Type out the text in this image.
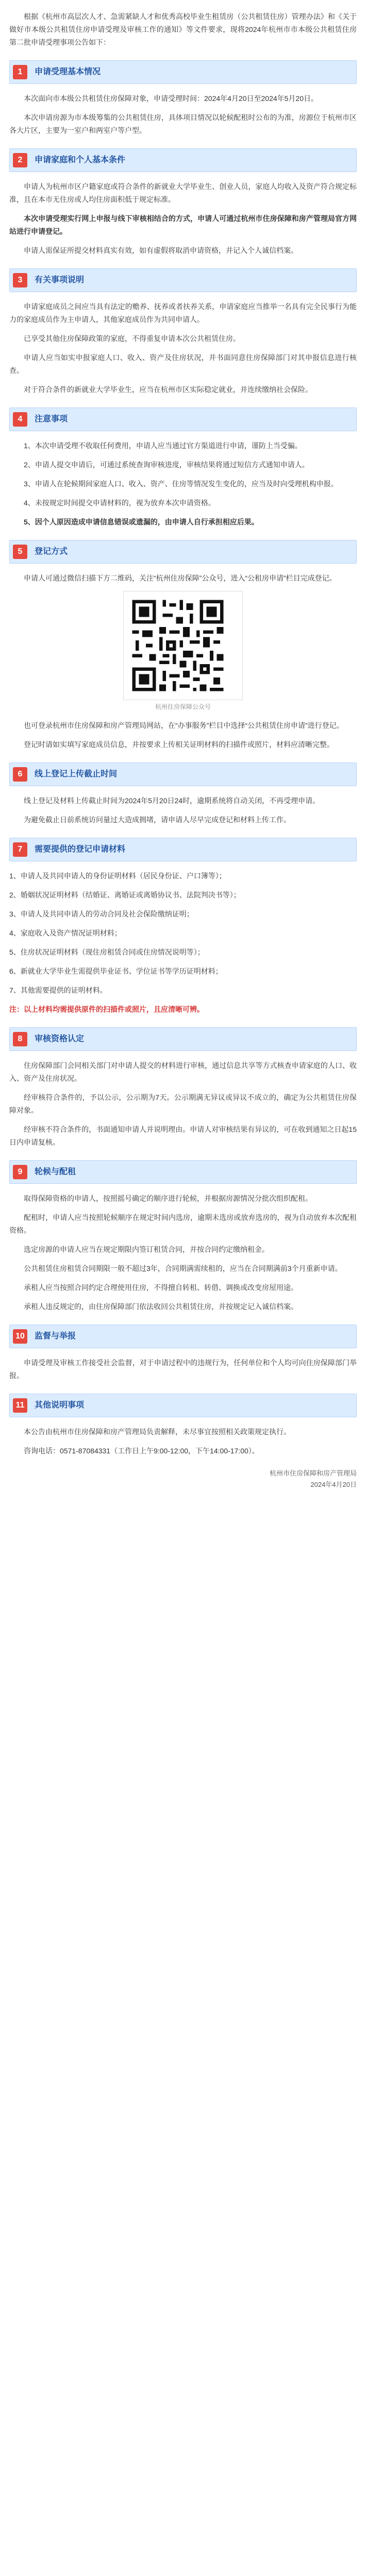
根据《杭州市高层次人才、急需紧缺人才和优秀高校毕业生租赁房（公共租赁住房）管理办法》和《关于做好市本级公共租赁住房申请受理及审核工作的通知》等文件要求，现将2024年杭州市市本级公共租赁住房第二批申请受理事项公告如下：

1	申请受理基本情况

本次面向市本级公共租赁住房保障对象，申请受理时间：2024年4月20日至2024年5月20日。

本次申请房源为市本级筹集的公共租赁住房，具体项目情况以轮候配租时公布的为准，房源位于杭州市区各大片区，主要为一室户和两室户等户型。

2	申请家庭和个人基本条件

申请人为杭州市区户籍家庭或符合条件的新就业大学毕业生、创业人员，家庭人均收入及资产符合规定标准，且在本市无住房或人均住房面积低于规定标准。

本次申请受理实行网上申报与线下审核相结合的方式，申请人可通过杭州市住房保障和房产管理局官方网站进行申请登记。

申请人需保证所提交材料真实有效，如有虚假将取消申请资格，并记入个人诚信档案。

3	有关事项说明

申请家庭成员之间应当具有法定的赡养、抚养或者扶养关系，申请家庭应当推举一名具有完全民事行为能力的家庭成员作为主申请人，其他家庭成员作为共同申请人。

已享受其他住房保障政策的家庭，不得重复申请本次公共租赁住房。

申请人应当如实申报家庭人口、收入、资产及住房状况，并书面同意住房保障部门对其申报信息进行核查。

对于符合条件的新就业大学毕业生，应当在杭州市区实际稳定就业，并连续缴纳社会保险。

4	注意事项

1、本次申请受理不收取任何费用，申请人应当通过官方渠道进行申请，谨防上当受骗。

2、申请人提交申请后，可通过系统查询审核进度，审核结果将通过短信方式通知申请人。

3、申请人在轮候期间家庭人口、收入、资产、住房等情况发生变化的，应当及时向受理机构申报。

4、未按规定时间提交申请材料的，视为放弃本次申请资格。

5、因个人原因造成申请信息错误或遗漏的，由申请人自行承担相应后果。

5	登记方式

申请人可通过微信扫描下方二维码，关注“杭州住房保障”公众号，进入“公租房申请”栏目完成登记。

杭州住房保障公众号

也可登录杭州市住房保障和房产管理局网站，在“办事服务”栏目中选择“公共租赁住房申请”进行登记。

登记时请如实填写家庭成员信息，并按要求上传相关证明材料的扫描件或照片，材料应清晰完整。

6	线上登记上传截止时间

线上登记及材料上传截止时间为2024年5月20日24时，逾期系统将自动关闭，不再受理申请。

为避免截止日前系统访问量过大造成拥堵，请申请人尽早完成登记和材料上传工作。

7	需要提供的登记申请材料

1、申请人及共同申请人的身份证明材料（居民身份证、户口簿等）；

2、婚姻状况证明材料（结婚证、离婚证或离婚协议书、法院判决书等）；

3、申请人及共同申请人的劳动合同及社会保险缴纳证明；

4、家庭收入及资产情况证明材料；

5、住房状况证明材料（现住房租赁合同或住房情况说明等）；

6、新就业大学毕业生需提供毕业证书、学位证书等学历证明材料；

7、其他需要提供的证明材料。

注：以上材料均需提供原件的扫描件或照片，且应清晰可辨。

8	审核资格认定

住房保障部门会同相关部门对申请人提交的材料进行审核，通过信息共享等方式核查申请家庭的人口、收入、资产及住房状况。

经审核符合条件的，予以公示，公示期为7天。公示期满无异议或异议不成立的，确定为公共租赁住房保障对象。

经审核不符合条件的，书面通知申请人并说明理由。申请人对审核结果有异议的，可在收到通知之日起15日内申请复核。

9	轮候与配租

取得保障资格的申请人，按照摇号确定的顺序进行轮候，并根据房源情况分批次组织配租。

配租时，申请人应当按照轮候顺序在规定时间内选房，逾期未选房或放弃选房的，视为自动放弃本次配租资格。

选定房源的申请人应当在规定期限内签订租赁合同，并按合同约定缴纳租金。

公共租赁住房租赁合同期限一般不超过3年，合同期满需续租的，应当在合同期满前3个月重新申请。

承租人应当按照合同约定合理使用住房，不得擅自转租、转借、调换或改变房屋用途。

承租人违反规定的，由住房保障部门依法收回公共租赁住房，并按规定记入诚信档案。

10	监督与举报

申请受理及审核工作接受社会监督，对于申请过程中的违规行为，任何单位和个人均可向住房保障部门举报。

11	其他说明事项

本公告由杭州市住房保障和房产管理局负责解释，未尽事宜按照相关政策规定执行。

咨询电话：0571-87084331（工作日上午9:00-12:00，下午14:00-17:00）。

杭州市住房保障和房产管理局
2024年4月20日
